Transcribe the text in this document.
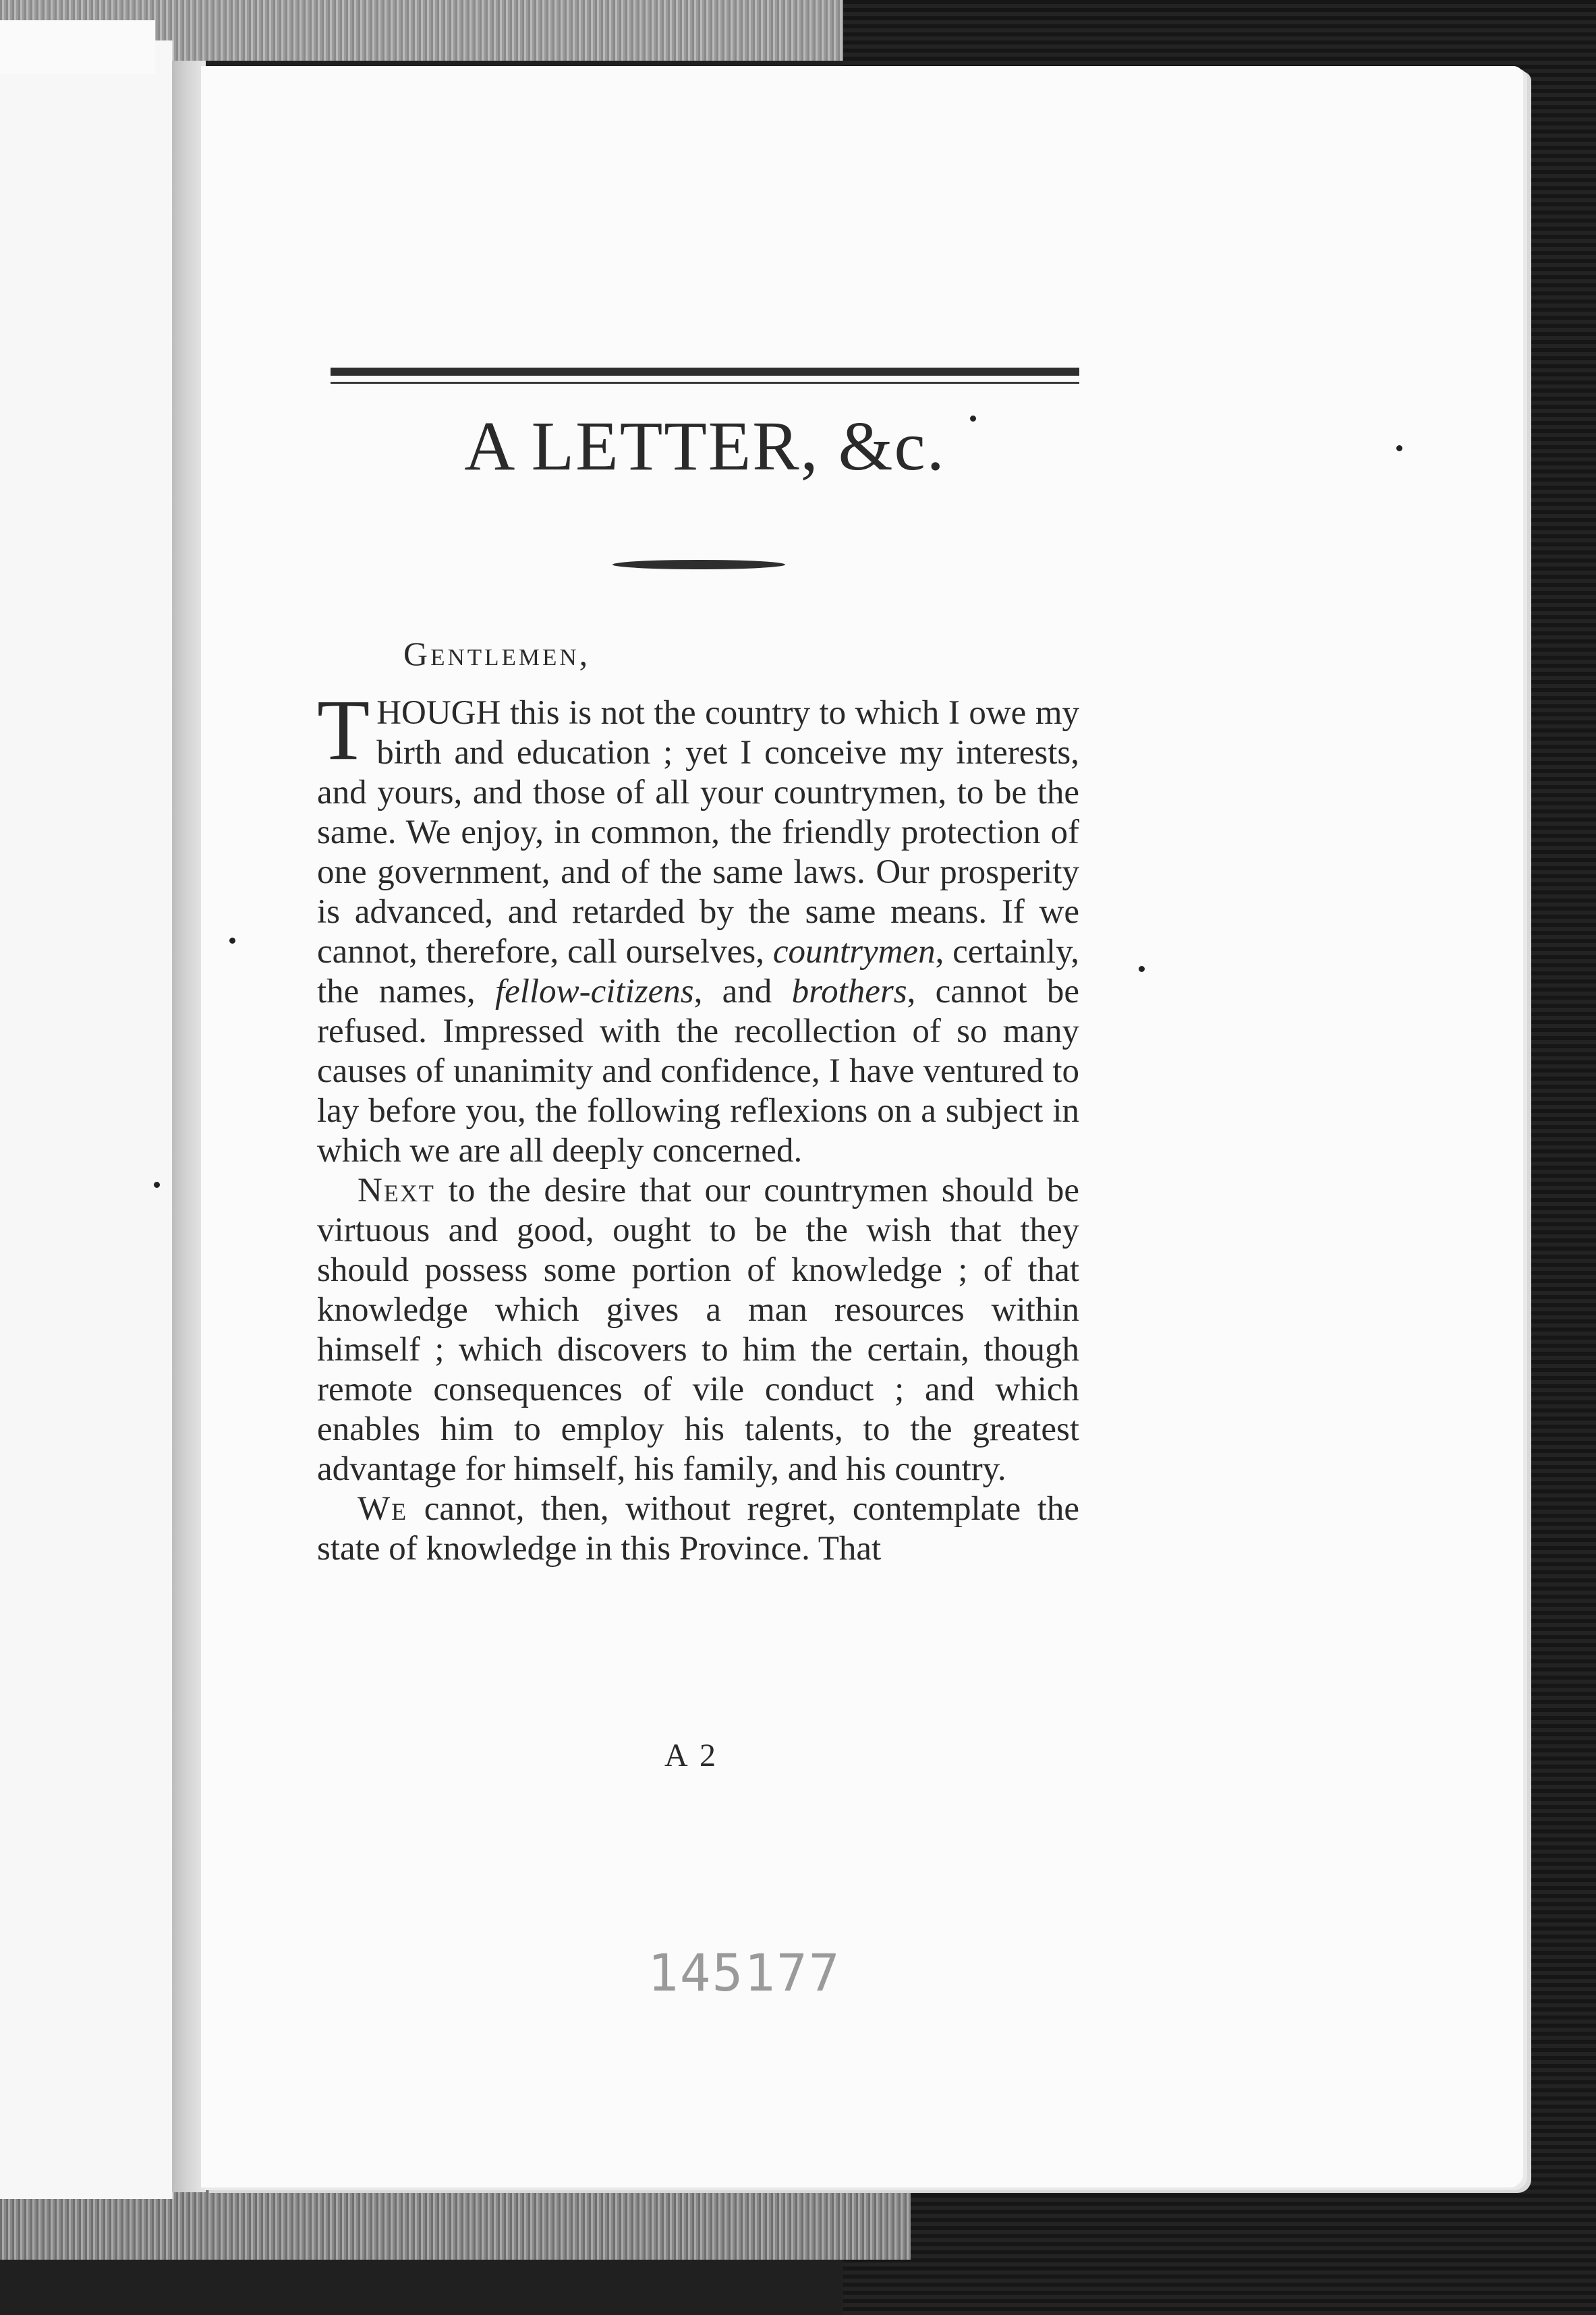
A LETTER, &c.
Gentlemen,

THOUGH this is not the country to which I owe my birth and education ; yet I conceive my interests, and yours, and those of all your countrymen, to be the same. We enjoy, in common, the friendly protection of one government, and of the same laws. Our prosperity is advanced, and retarded by the same means. If we cannot, therefore, call ourselves, countrymen, certainly, the names, fellow-citizens, and brothers, cannot be refused. Impressed with the recollection of so many causes of unanimity and confidence, I have ventured to lay before you, the following reflexions on a subject in which we are all deeply concerned.

Next to the desire that our countrymen should be virtuous and good, ought to be the wish that they should possess some portion of knowledge ; of that knowledge which gives a man resources within himself ; which discovers to him the certain, though remote consequences of vile conduct ; and which enables him to employ his talents, to the greatest advantage for himself, his family, and his country.

We cannot, then, without regret, contemplate the state of knowledge in this Province. That

A 2
145177
